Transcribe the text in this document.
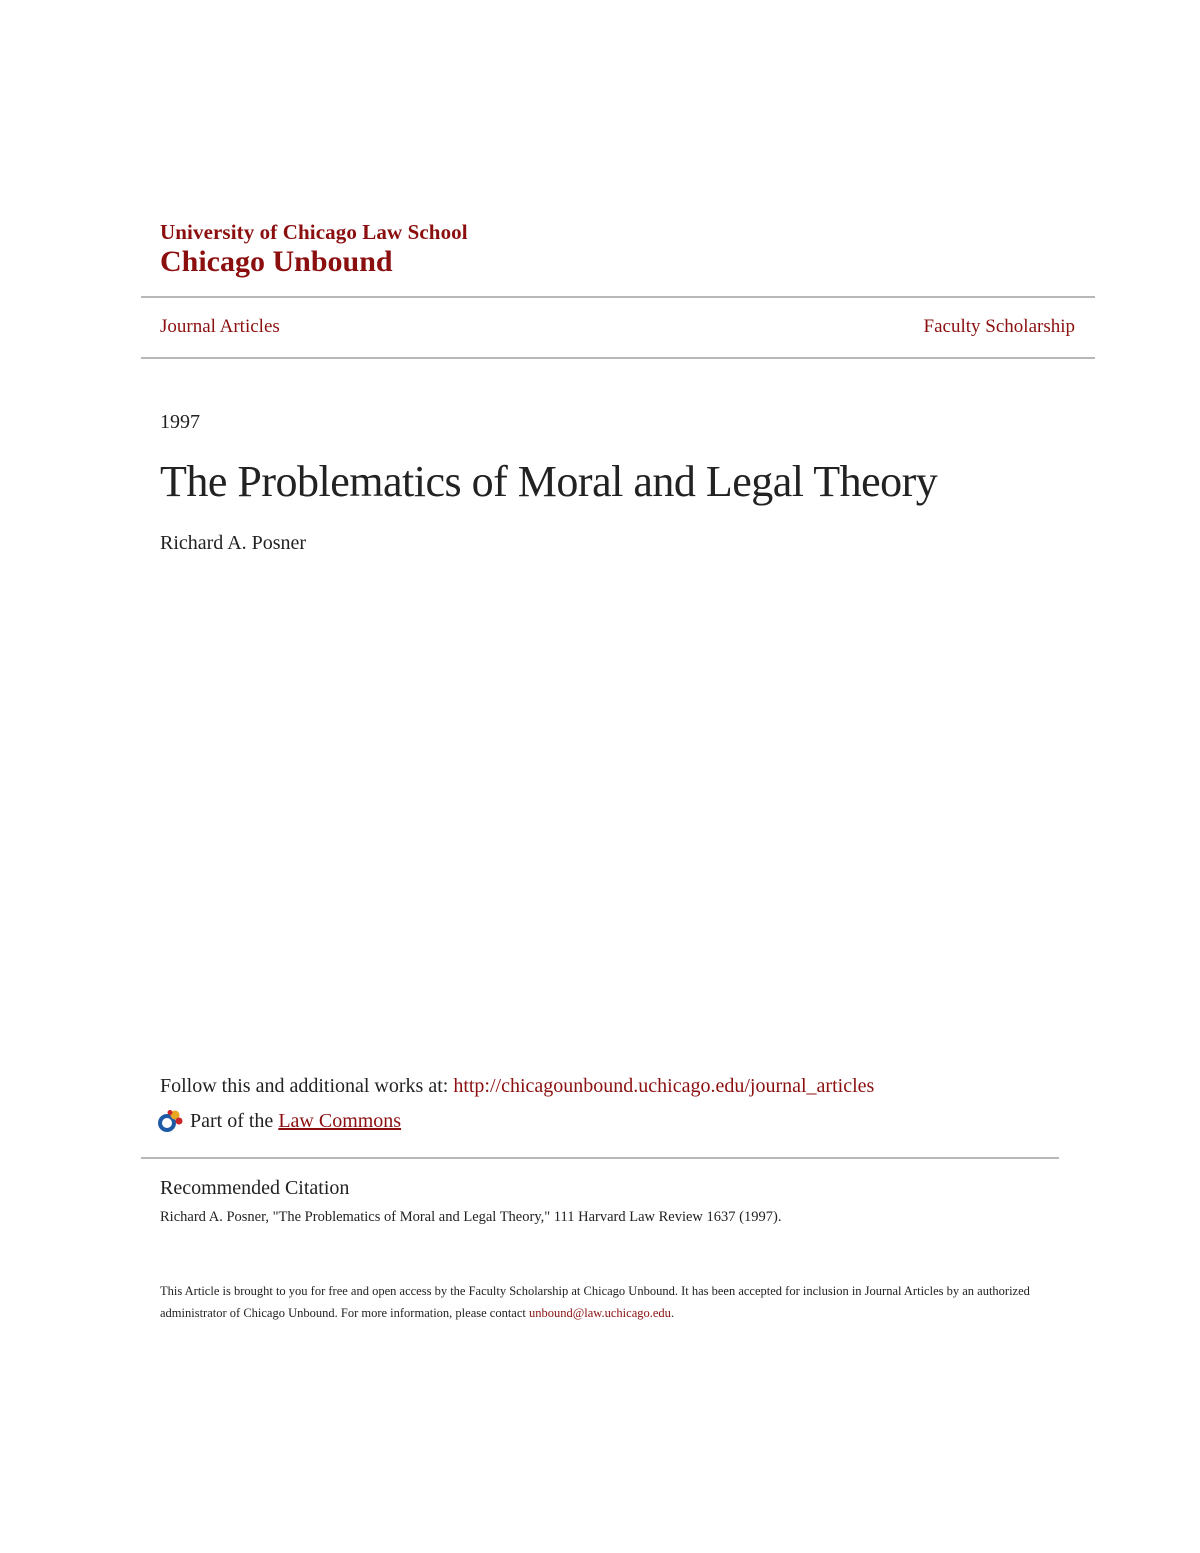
University of Chicago Law School
Chicago Unbound
Journal Articles	Faculty Scholarship
1997
The Problematics of Moral and Legal Theory
Richard A. Posner
Follow this and additional works at: http://chicagounbound.uchicago.edu/journal_articles
Part of the
Law Commons
Recommended Citation
Richard A. Posner, "The Problematics of Moral and Legal Theory," 111 Harvard Law Review 1637 (1997).
This Article is brought to you for free and open access by the Faculty Scholarship at Chicago Unbound. It has been accepted for inclusion in Journal Articles by an authorized administrator of Chicago Unbound. For more information, please contact unbound@law.uchicago.edu.
